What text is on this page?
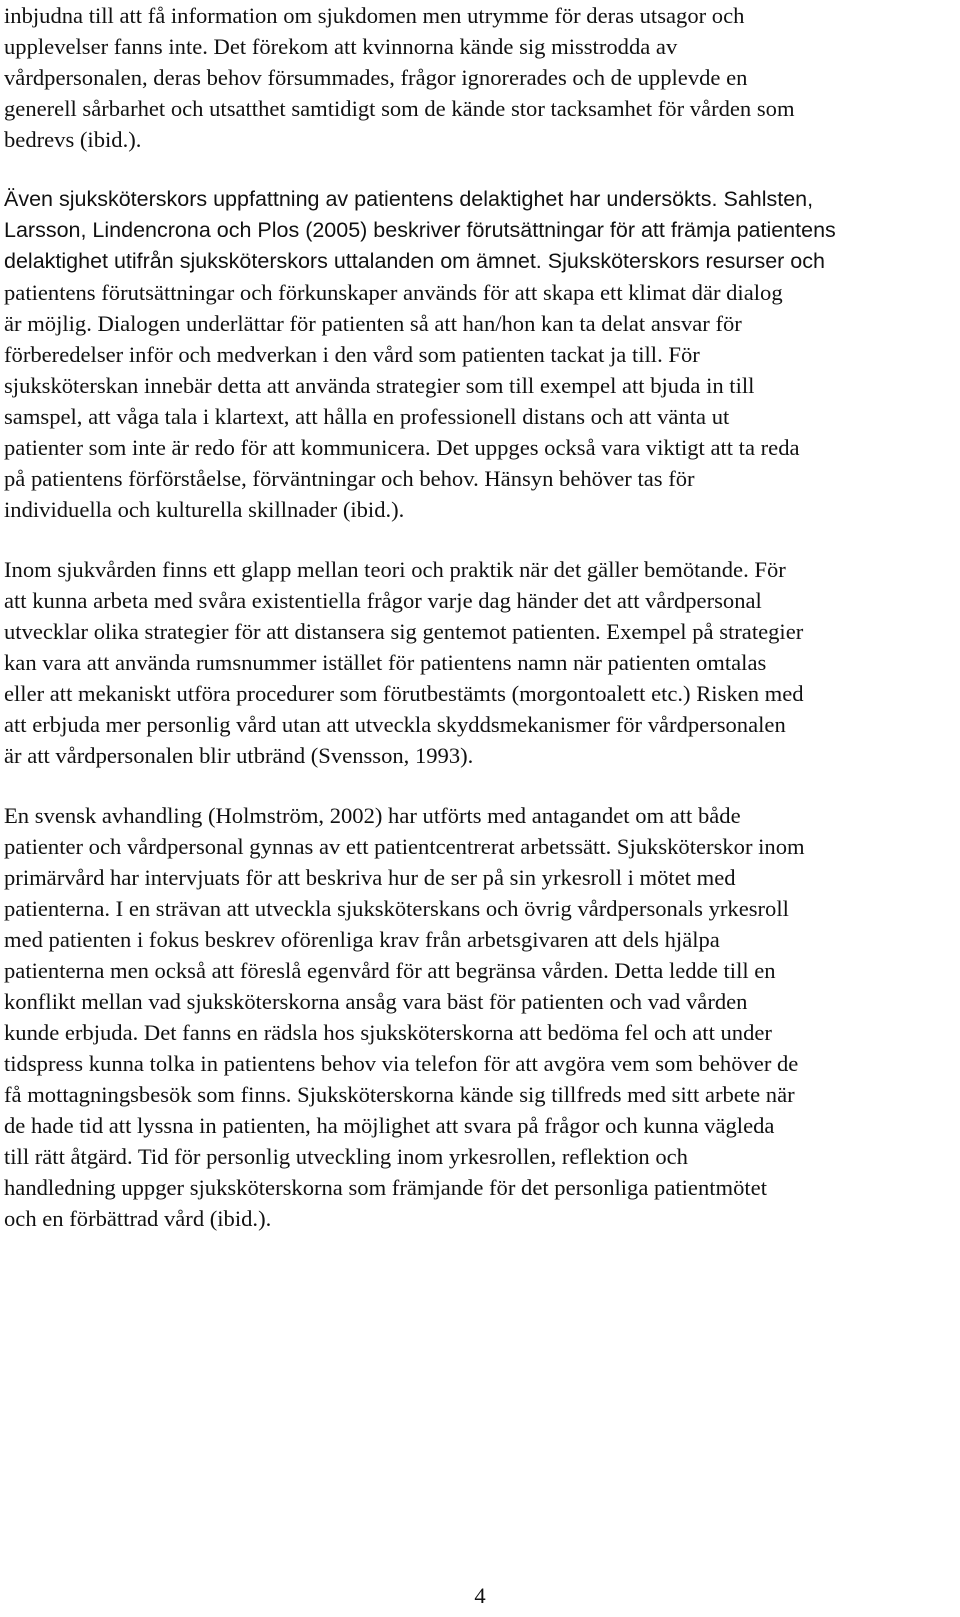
inbjudna till att få information om sjukdomen men utrymme för deras utsagor och

upplevelser fanns inte. Det förekom att kvinnorna kände sig misstrodda av

vårdpersonalen, deras behov försummades, frågor ignorerades och de upplevde en

generell sårbarhet och utsatthet samtidigt som de kände stor tacksamhet för vården som

bedrevs (ibid.).

Även sjuksköterskors uppfattning av patientens delaktighet har undersökts. Sahlsten,

Larsson, Lindencrona och Plos (2005) beskriver förutsättningar för att främja patientens

delaktighet utifrån sjuksköterskors uttalanden om ämnet. Sjuksköterskors resurser och

patientens förutsättningar och förkunskaper används för att skapa ett klimat där dialog

är möjlig. Dialogen underlättar för patienten så att han/hon kan ta delat ansvar för

förberedelser inför och medverkan i den vård som patienten tackat ja till. För

sjuksköterskan innebär detta att använda strategier som till exempel att bjuda in till

samspel, att våga tala i klartext, att hålla en professionell distans och att vänta ut

patienter som inte är redo för att kommunicera. Det uppges också vara viktigt att ta reda

på patientens förförståelse, förväntningar och behov. Hänsyn behöver tas för

individuella och kulturella skillnader (ibid.).

Inom sjukvården finns ett glapp mellan teori och praktik när det gäller bemötande. För

att kunna arbeta med svåra existentiella frågor varje dag händer det att vårdpersonal

utvecklar olika strategier för att distansera sig gentemot patienten. Exempel på strategier

kan vara att använda rumsnummer istället för patientens namn när patienten omtalas

eller att mekaniskt utföra procedurer som förutbestämts (morgontoalett etc.) Risken med

att erbjuda mer personlig vård utan att utveckla skyddsmekanismer för vårdpersonalen

är att vårdpersonalen blir utbränd (Svensson, 1993).

En svensk avhandling (Holmström, 2002) har utförts med antagandet om att både

patienter och vårdpersonal gynnas av ett patientcentrerat arbetssätt. Sjuksköterskor inom

primärvård har intervjuats för att beskriva hur de ser på sin yrkesroll i mötet med

patienterna. I en strävan att utveckla sjuksköterskans och övrig vårdpersonals yrkesroll

med patienten i fokus beskrev oförenliga krav från arbetsgivaren att dels hjälpa

patienterna men också att föreslå egenvård för att begränsa vården. Detta ledde till en

konflikt mellan vad sjuksköterskorna ansåg vara bäst för patienten och vad vården

kunde erbjuda. Det fanns en rädsla hos sjuksköterskorna att bedöma fel och att under

tidspress kunna tolka in patientens behov via telefon för att avgöra vem som behöver de

få mottagningsbesök som finns. Sjuksköterskorna kände sig tillfreds med sitt arbete när

de hade tid att lyssna in patienten, ha möjlighet att svara på frågor och kunna vägleda

till rätt åtgärd. Tid för personlig utveckling inom yrkesrollen, reflektion och

handledning uppger sjuksköterskorna som främjande för det personliga patientmötet

och en förbättrad vård (ibid.).

4
